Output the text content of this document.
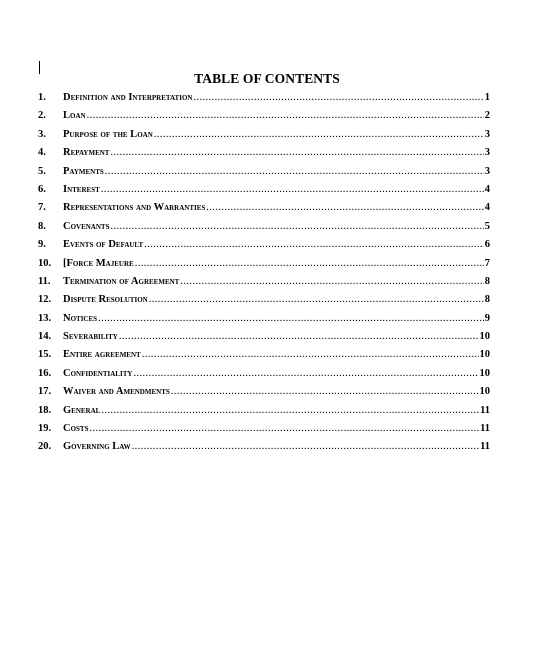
TABLE OF CONTENTS
1.	Definition and Interpretation .....	1
2.	Loan .....	2
3.	Purpose of the Loan .....	3
4.	Repayment .....	3
5.	Payments .....	3
6.	Interest .....	4
7.	Representations and Warranties .....	4
8.	Covenants .....	5
9.	Events of Default .....	6
10.	[Force Majeure .....	7
11.	Termination of Agreement .....	8
12.	Dispute Resolution .....	8
13.	Notices .....	9
14.	Severability .....	10
15.	Entire agreement .....	10
16.	Confidentiality .....	10
17.	Waiver and Amendments .....	10
18.	General .....	11
19.	Costs .....	11
20.	Governing Law .....	11
